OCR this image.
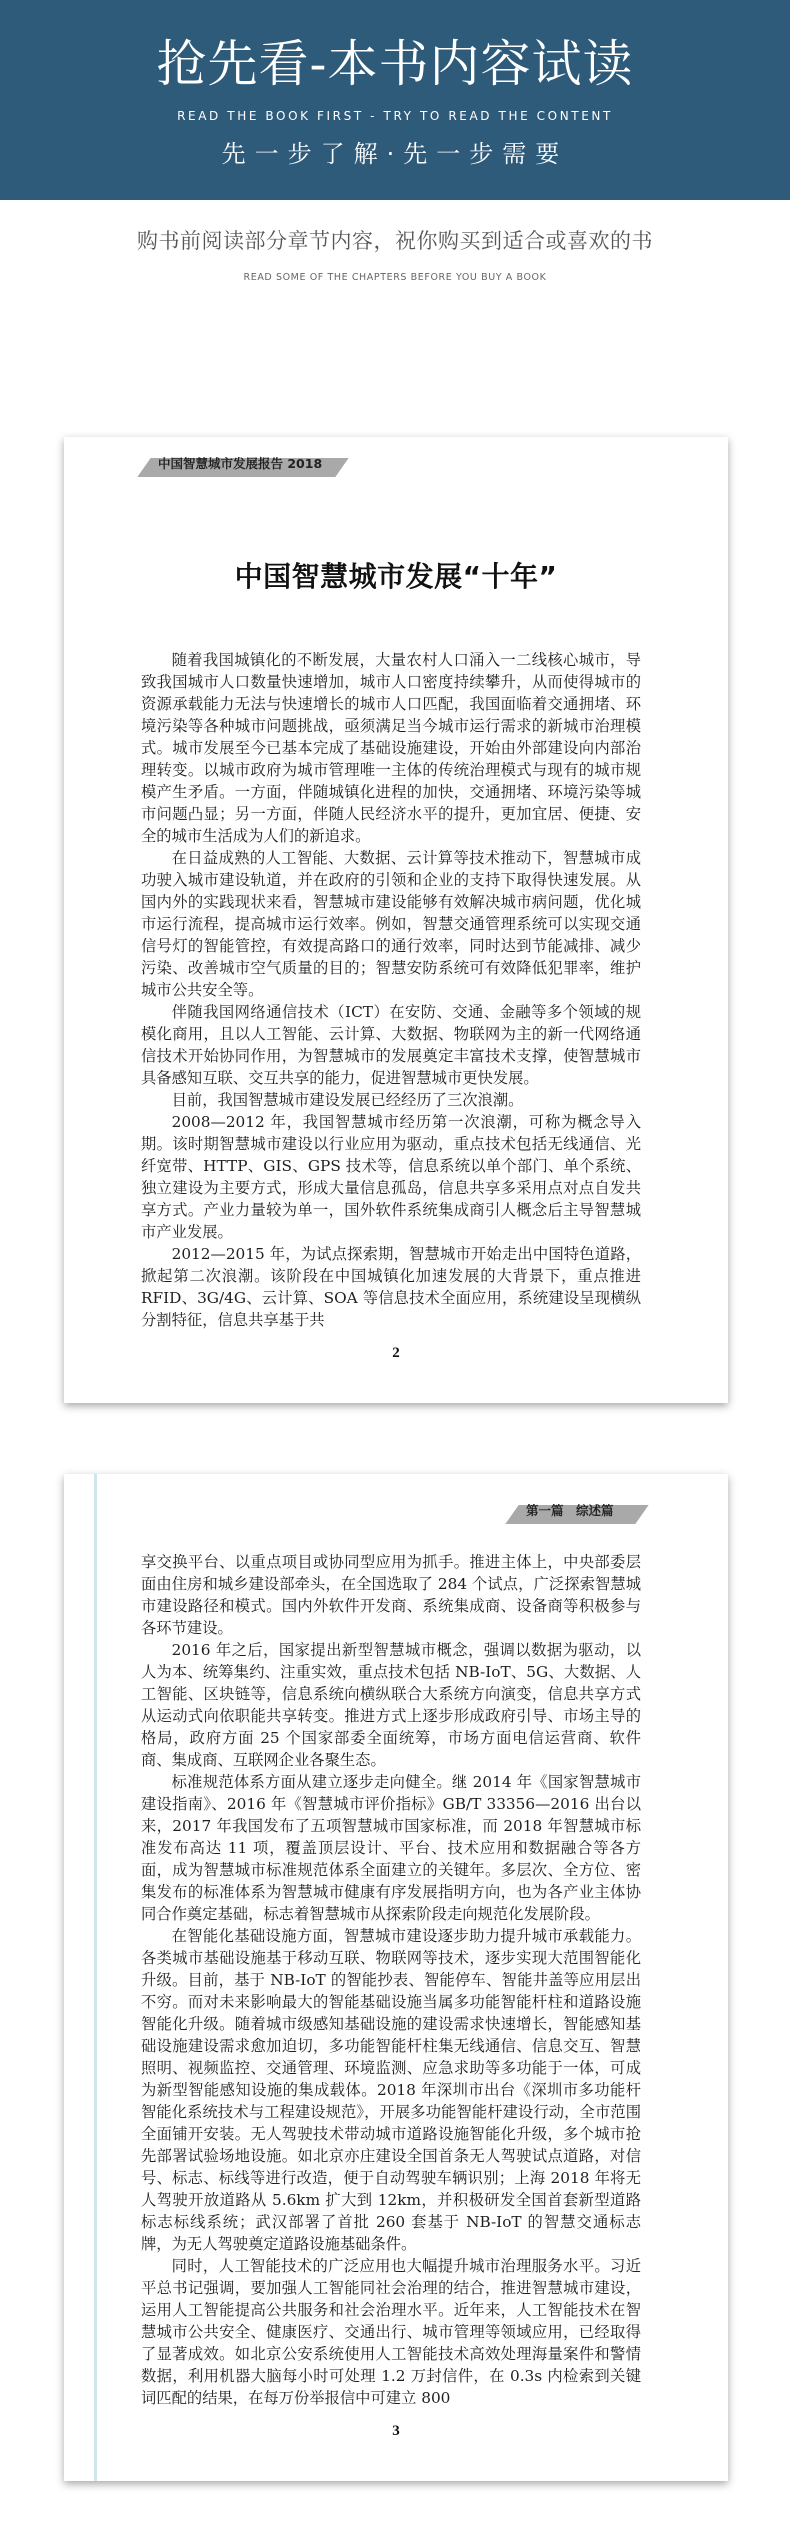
抢先看-本书内容试读
READ THE BOOK FIRST - TRY TO READ THE CONTENT
先一步了解·先一步需要
购书前阅读部分章节内容，祝你购买到适合或喜欢的书
READ SOME OF THE CHAPTERS BEFORE YOU BUY A BOOK
中国智慧城市发展报告 2018
中国智慧城市发展“十年”

随着我国城镇化的不断发展，大量农村人口涌入一二线核心城市，导致我国城市人口数量快速增加，城市人口密度持续攀升，从而使得城市的资源承载能力无法与快速增长的城市人口匹配，我国面临着交通拥堵、环境污染等各种城市问题挑战，亟须满足当今城市运行需求的新城市治理模式。城市发展至今已基本完成了基础设施建设，开始由外部建设向内部治理转变。以城市政府为城市管理唯一主体的传统治理模式与现有的城市规模产生矛盾。一方面，伴随城镇化进程的加快，交通拥堵、环境污染等城市问题凸显；另一方面，伴随人民经济水平的提升，更加宜居、便捷、安全的城市生活成为人们的新追求。

在日益成熟的人工智能、大数据、云计算等技术推动下，智慧城市成功驶入城市建设轨道，并在政府的引领和企业的支持下取得快速发展。从国内外的实践现状来看，智慧城市建设能够有效解决城市病问题，优化城市运行流程，提高城市运行效率。例如，智慧交通管理系统可以实现交通信号灯的智能管控，有效提高路口的通行效率，同时达到节能减排、减少污染、改善城市空气质量的目的；智慧安防系统可有效降低犯罪率，维护城市公共安全等。

伴随我国网络通信技术（ICT）在安防、交通、金融等多个领域的规模化商用，且以人工智能、云计算、大数据、物联网为主的新一代网络通信技术开始协同作用，为智慧城市的发展奠定丰富技术支撑，使智慧城市具备感知互联、交互共享的能力，促进智慧城市更快发展。

目前，我国智慧城市建设发展已经经历了三次浪潮。

2008—2012 年，我国智慧城市经历第一次浪潮，可称为概念导入期。该时期智慧城市建设以行业应用为驱动，重点技术包括无线通信、光纤宽带、HTTP、GIS、GPS 技术等，信息系统以单个部门、单个系统、独立建设为主要方式，形成大量信息孤岛，信息共享多采用点对点自发共享方式。产业力量较为单一，国外软件系统集成商引人概念后主导智慧城市产业发展。

2012—2015 年，为试点探索期，智慧城市开始走出中国特色道路，掀起第二次浪潮。该阶段在中国城镇化加速发展的大背景下，重点推进 RFID、3G/4G、云计算、SOA 等信息技术全面应用，系统建设呈现横纵分割特征，信息共享基于共

2
第一篇　综述篇

享交换平台、以重点项目或协同型应用为抓手。推进主体上，中央部委层面由住房和城乡建设部牵头，在全国选取了 284 个试点，广泛探索智慧城市建设路径和模式。国内外软件开发商、系统集成商、设备商等积极参与各环节建设。

2016 年之后，国家提出新型智慧城市概念，强调以数据为驱动，以人为本、统筹集约、注重实效，重点技术包括 NB-IoT、5G、大数据、人工智能、区块链等，信息系统向横纵联合大系统方向演变，信息共享方式从运动式向依职能共享转变。推进方式上逐步形成政府引导、市场主导的格局，政府方面 25 个国家部委全面统筹，市场方面电信运营商、软件商、集成商、互联网企业各聚生态。

标准规范体系方面从建立逐步走向健全。继 2014 年《国家智慧城市建设指南》、2016 年《智慧城市评价指标》GB/T 33356—2016 出台以来，2017 年我国发布了五项智慧城市国家标准，而 2018 年智慧城市标准发布高达 11 项，覆盖顶层设计、平台、技术应用和数据融合等各方面，成为智慧城市标准规范体系全面建立的关键年。多层次、全方位、密集发布的标准体系为智慧城市健康有序发展指明方向，也为各产业主体协同合作奠定基础，标志着智慧城市从探索阶段走向规范化发展阶段。

在智能化基础设施方面，智慧城市建设逐步助力提升城市承载能力。各类城市基础设施基于移动互联、物联网等技术，逐步实现大范围智能化升级。目前，基于 NB-IoT 的智能抄表、智能停车、智能井盖等应用层出不穷。而对未来影响最大的智能基础设施当属多功能智能杆柱和道路设施智能化升级。随着城市级感知基础设施的建设需求快速增长，智能感知基础设施建设需求愈加迫切，多功能智能杆柱集无线通信、信息交互、智慧照明、视频监控、交通管理、环境监测、应急求助等多功能于一体，可成为新型智能感知设施的集成载体。2018 年深圳市出台《深圳市多功能杆智能化系统技术与工程建设规范》，开展多功能智能杆建设行动，全市范围全面铺开安装。无人驾驶技术带动城市道路设施智能化升级，多个城市抢先部署试验场地设施。如北京亦庄建设全国首条无人驾驶试点道路，对信号、标志、标线等进行改造，便于自动驾驶车辆识别；上海 2018 年将无人驾驶开放道路从 5.6km 扩大到 12km，并积极研发全国首套新型道路标志标线系统；武汉部署了首批 260 套基于 NB-IoT 的智慧交通标志牌，为无人驾驶奠定道路设施基础条件。

同时，人工智能技术的广泛应用也大幅提升城市治理服务水平。习近平总书记强调，要加强人工智能同社会治理的结合，推进智慧城市建设，运用人工智能提高公共服务和社会治理水平。近年来，人工智能技术在智慧城市公共安全、健康医疗、交通出行、城市管理等领域应用，已经取得了显著成效。如北京公安系统使用人工智能技术高效处理海量案件和警情数据，利用机器大脑每小时可处理 1.2 万封信件，在 0.3s 内检索到关键词匹配的结果，在每万份举报信中可建立 800

3
